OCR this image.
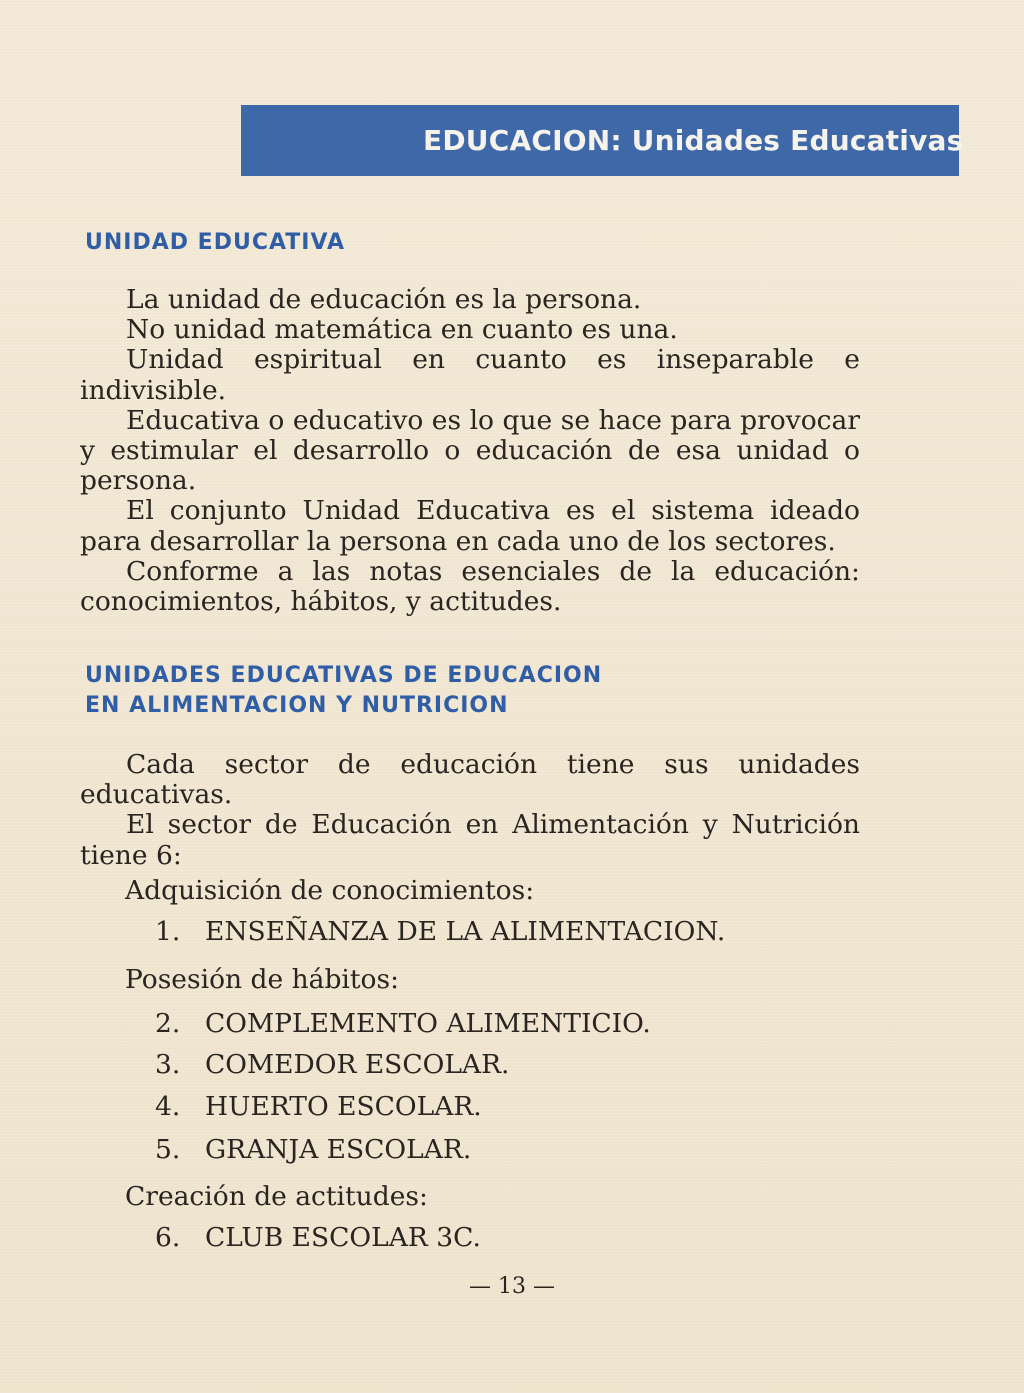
EDUCACION: Unidades Educativas
UNIDAD EDUCATIVA

La unidad de educación es la persona.

No unidad matemática en cuanto es una.

Unidad espiritual en cuanto es inseparable e indivisible.

Educativa o educativo es lo que se hace para provocar y estimular el desarrollo o educación de esa unidad o persona.

El conjunto Unidad Educativa es el sistema ideado para desarrollar la persona en cada uno de los sectores.

Conforme a las notas esenciales de la educación: conocimientos, hábitos, y actitudes.

UNIDADES EDUCATIVAS DE EDUCACION
EN ALIMENTACION Y NUTRICION

Cada sector de educación tiene sus unidades educativas.

El sector de Educación en Alimentación y Nutrición tiene 6:

Adquisición de conocimientos:
1. ENSEÑANZA DE LA ALIMENTACION.
Posesión de hábitos:
2. COMPLEMENTO ALIMENTICIO.
3. COMEDOR ESCOLAR.
4. HUERTO ESCOLAR.
5. GRANJA ESCOLAR.
Creación de actitudes:
6. CLUB ESCOLAR 3C.
— 13 —
